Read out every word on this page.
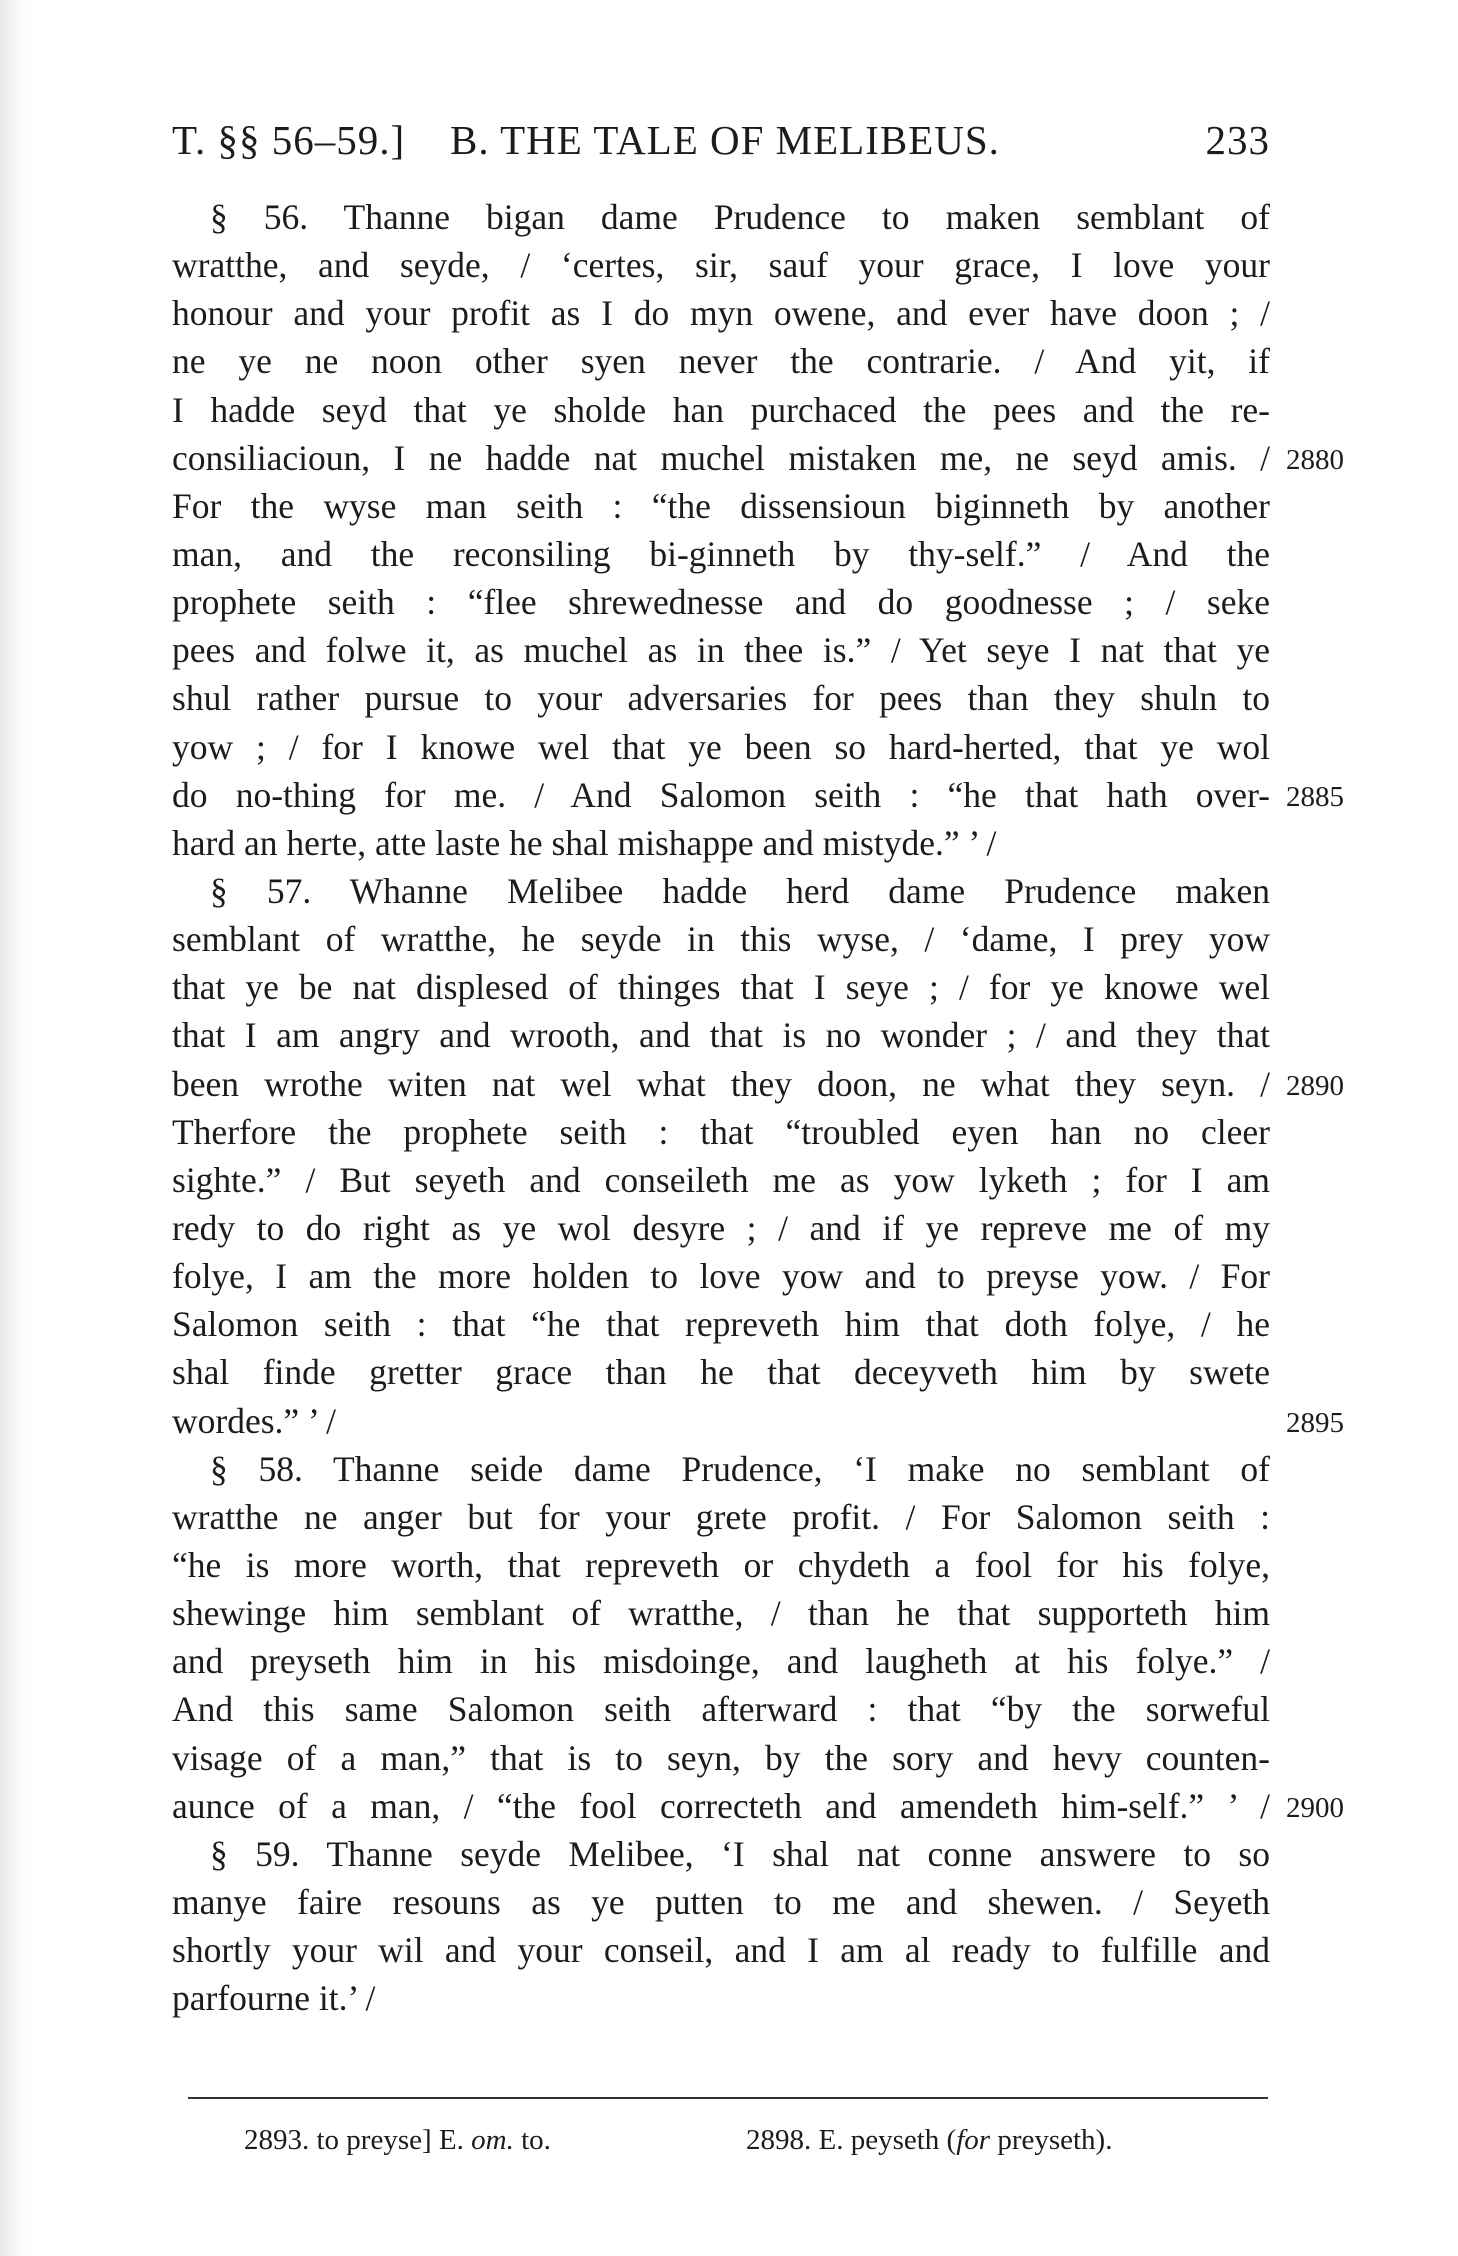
T. §§ 56–59.] B. THE TALE OF MELIBEUS.	233
§ 56. Thanne bigan dame Prudence to maken semblant of
wratthe, and seyde, / ‘certes, sir, sauf your grace, I love your
honour and your profit as I do myn owene, and ever have doon ; /
ne ye ne noon other syen never the contrarie. / And yit, if
I hadde seyd that ye sholde han purchaced the pees and the re-
consiliacioun, I ne hadde nat muchel mistaken me, ne seyd amis. / 2880
For the wyse man seith : “the dissensioun biginneth by another
man, and the reconsiling bi-ginneth by thy-self.” / And the
prophete seith : “flee shrewednesse and do goodnesse ; / seke
pees and folwe it, as muchel as in thee is.” / Yet seye I nat that ye
shul rather pursue to your adversaries for pees than they shuln to
yow ; / for I knowe wel that ye been so hard-herted, that ye wol
do no-thing for me. / And Salomon seith : “he that hath over- 2885
hard an herte, atte laste he shal mishappe and mistyde.” ’ /
§ 57. Whanne Melibee hadde herd dame Prudence maken
semblant of wratthe, he seyde in this wyse, / ‘dame, I prey yow
that ye be nat displesed of thinges that I seye ; / for ye knowe wel
that I am angry and wrooth, and that is no wonder ; / and they that
been wrothe witen nat wel what they doon, ne what they seyn. / 2890
Therfore the prophete seith : that “troubled eyen han no cleer
sighte.” / But seyeth and conseileth me as yow lyketh ; for I am
redy to do right as ye wol desyre ; / and if ye repreve me of my
folye, I am the more holden to love yow and to preyse yow. / For
Salomon seith : that “he that repreveth him that doth folye, / he
shal finde gretter grace than he that deceyveth him by swete
wordes.” ’ /	2895
§ 58. Thanne seide dame Prudence, ‘I make no semblant of
wratthe ne anger but for your grete profit. / For Salomon seith :
“he is more worth, that repreveth or chydeth a fool for his folye,
shewinge him semblant of wratthe, / than he that supporteth him
and preyseth him in his misdoinge, and laugheth at his folye.” /
And this same Salomon seith afterward : that “by the sorweful
visage of a man,” that is to seyn, by the sory and hevy counten-
aunce of a man, / “the fool correcteth and amendeth him-self.” ’ / 2900
§ 59. Thanne seyde Melibee, ‘I shal nat conne answere to so
manye faire resouns as ye putten to me and shewen. / Seyeth
shortly your wil and your conseil, and I am al ready to fulfille and
parfourne it.’ /
2893. to preyse] E. om. to.	2898. E. peyseth (for preyseth).
